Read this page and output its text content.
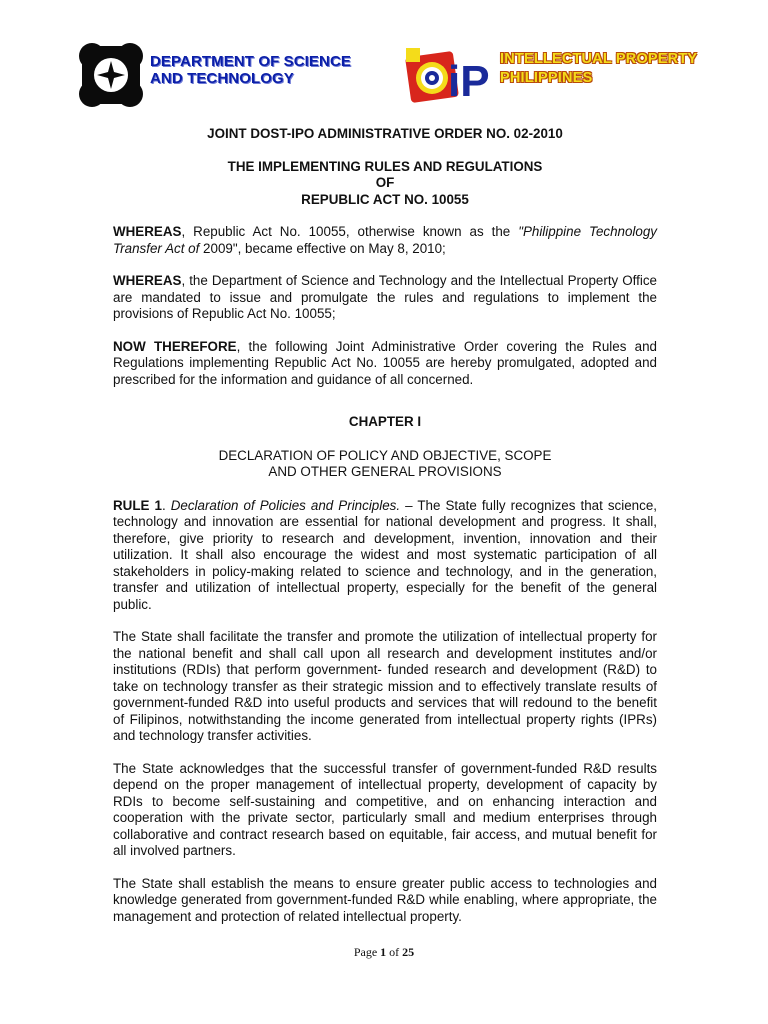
DEPARTMENT OF SCIENCE
AND TECHNOLOGY	iP INTELLECTUAL PROPERTY
PHILIPPINES
JOINT DOST-IPO ADMINISTRATIVE ORDER NO. 02-2010
THE IMPLEMENTING RULES AND REGULATIONS
OF
REPUBLIC ACT NO. 10055

WHEREAS, Republic Act No. 10055, otherwise known as the "Philippine Technology Transfer Act of 2009", became effective on May 8, 2010;

WHEREAS, the Department of Science and Technology and the Intellectual Property Office are mandated to issue and promulgate the rules and regulations to implement the provisions of Republic Act No. 10055;

NOW THEREFORE, the following Joint Administrative Order covering the Rules and Regulations implementing Republic Act No. 10055 are hereby promulgated, adopted and prescribed for the information and guidance of all concerned.

CHAPTER I
DECLARATION OF POLICY AND OBJECTIVE, SCOPE
AND OTHER GENERAL PROVISIONS

RULE 1. Declaration of Policies and Principles. – The State fully recognizes that science, technology and innovation are essential for national development and progress. It shall, therefore, give priority to research and development, invention, innovation and their utilization. It shall also encourage the widest and most systematic participation of all stakeholders in policy-making related to science and technology, and in the generation, transfer and utilization of intellectual property, especially for the benefit of the general public.

The State shall facilitate the transfer and promote the utilization of intellectual property for the national benefit and shall call upon all research and development institutes and/or institutions (RDIs) that perform government- funded research and development (R&D) to take on technology transfer as their strategic mission and to effectively translate results of government-funded R&D into useful products and services that will redound to the benefit of Filipinos, notwithstanding the income generated from intellectual property rights (IPRs) and technology transfer activities.

The State acknowledges that the successful transfer of government-funded R&D results depend on the proper management of intellectual property, development of capacity by RDIs to become self-sustaining and competitive, and on enhancing interaction and cooperation with the private sector, particularly small and medium enterprises through collaborative and contract research based on equitable, fair access, and mutual benefit for all involved partners.

The State shall establish the means to ensure greater public access to technologies and knowledge generated from government-funded R&D while enabling, where appropriate, the management and protection of related intellectual property.

Page 1 of 25
